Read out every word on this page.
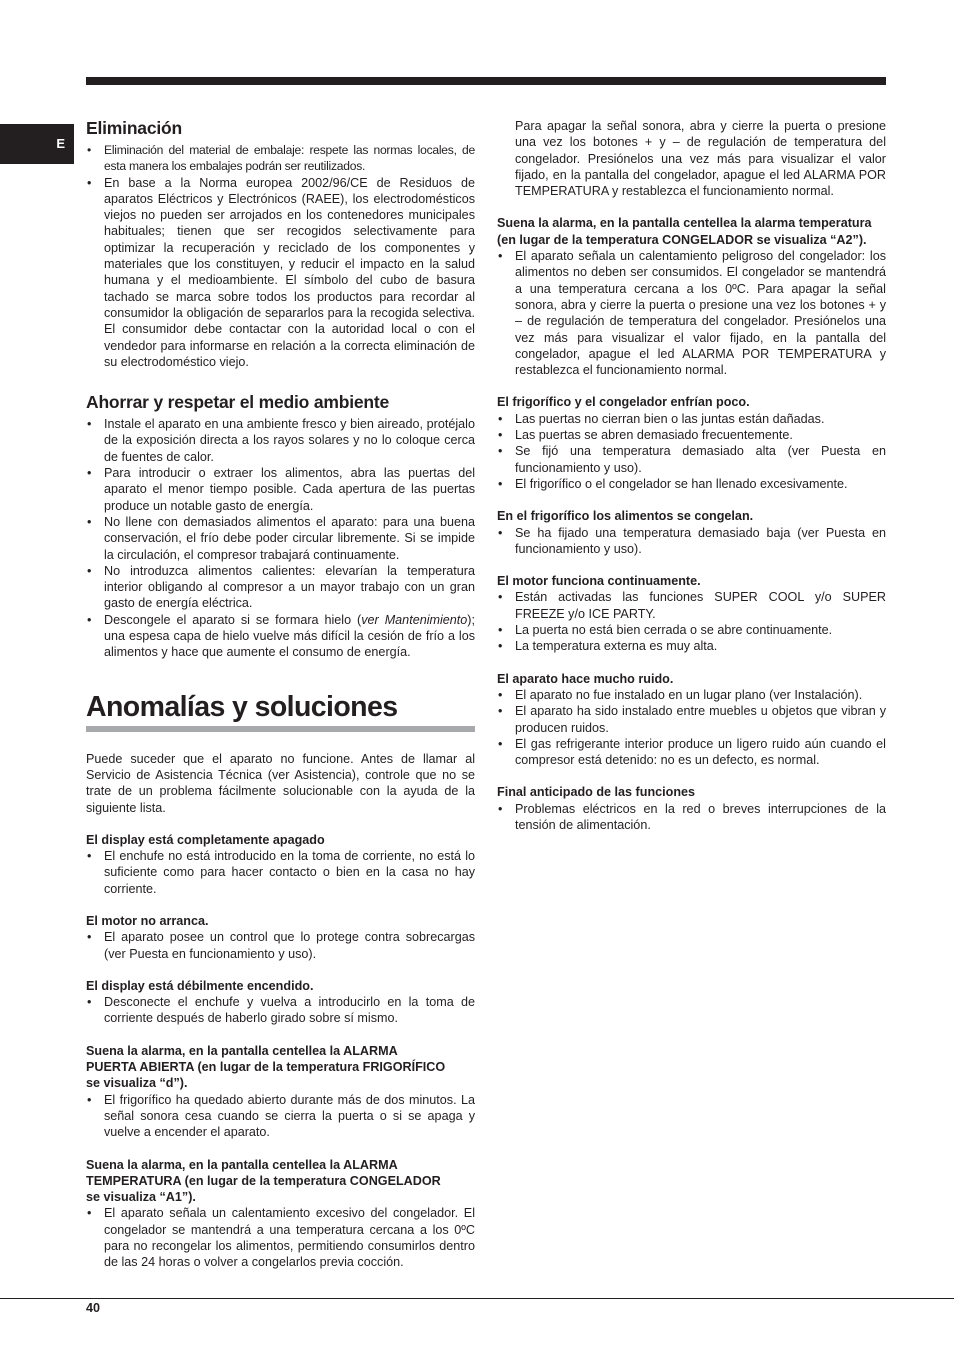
E
Eliminación
• Eliminación del material de embalaje: respete las normas locales, de esta manera los embalajes podrán ser reutilizados.
• En base a la Norma europea 2002/96/CE de Residuos de aparatos Eléctricos y Electrónicos (RAEE), los electrodomésticos viejos no pueden ser arrojados en los contenedores municipales habituales; tienen que ser recogidos selectivamente para optimizar la recuperación y reciclado de los componentes y materiales que los constituyen, y reducir el impacto en la salud humana y el medioambiente. El símbolo del cubo de basura tachado se marca sobre todos los productos para recordar al consumidor la obligación de separarlos para la recogida selectiva. El consumidor debe contactar con la autoridad local o con el vendedor para informarse en relación a la correcta eliminación de su electrodoméstico viejo.
Ahorrar y respetar el medio ambiente
• Instale el aparato en una ambiente fresco y bien aireado, protéjalo de la exposición directa a los rayos solares y no lo coloque cerca de fuentes de calor.
• Para introducir o extraer los alimentos, abra las puertas del aparato el menor tiempo posible. Cada apertura de las puertas produce un notable gasto de energía.
• No llene con demasiados alimentos el aparato: para una buena conservación, el frío debe poder circular libremente. Si se impide la circulación, el compresor trabajará continuamente.
• No introduzca alimentos calientes: elevarían la temperatura interior obligando al compresor a un mayor trabajo con un gran gasto de energía eléctrica.
• Descongele el aparato si se formara hielo (ver Mantenimiento); una espesa capa de hielo vuelve más difícil la cesión de frío a los alimentos y hace que aumente el consumo de energía.
Anomalías y soluciones

Puede suceder que el aparato no funcione. Antes de llamar al Servicio de Asistencia Técnica (ver Asistencia), controle que no se trate de un problema fácilmente solucionable con la ayuda de la siguiente lista.

El display está completamente apagado
• El enchufe no está introducido en la toma de corriente, no está lo suficiente como para hacer contacto o bien en la casa no hay corriente.
El motor no arranca.
• El aparato posee un control que lo protege contra sobrecargas (ver Puesta en funcionamiento y uso).
El display está débilmente encendido.
• Desconecte el enchufe y vuelva a introducirlo en la toma de corriente después de haberlo girado sobre sí mismo.
Suena la alarma, en la pantalla centellea la ALARMA PUERTA ABIERTA (en lugar de la temperatura FRIGORÍFICO se visualiza “d”).
• El frigorífico ha quedado abierto durante más de dos minutos. La señal sonora cesa cuando se cierra la puerta o si se apaga y vuelve a encender el aparato.
Suena la alarma, en la pantalla centellea la ALARMA TEMPERATURA (en lugar de la temperatura CONGELADOR se visualiza “A1”).
• El aparato señala un calentamiento excesivo del congelador. El congelador se mantendrá a una temperatura cercana a los 0ºC para no recongelar los alimentos, permitiendo consumirlos dentro de las 24 horas o volver a congelarlos previa cocción.

Para apagar la señal sonora, abra y cierre la puerta o presione una vez los botones + y – de regulación de temperatura del congelador. Presiónelos una vez más para visualizar el valor fijado, en la pantalla del congelador, apague el led ALARMA POR TEMPERATURA y restablezca el funcionamiento normal.

Suena la alarma, en la pantalla centellea la alarma temperatura (en lugar de la temperatura CONGELADOR se visualiza “A2”).
• El aparato señala un calentamiento peligroso del congelador: los alimentos no deben ser consumidos. El congelador se mantendrá a una temperatura cercana a los 0ºC. Para apagar la señal sonora, abra y cierre la puerta o presione una vez los botones + y – de regulación de temperatura del congelador. Presiónelos una vez más para visualizar el valor fijado, en la pantalla del congelador, apague el led ALARMA POR TEMPERATURA y restablezca el funcionamiento normal.
El frigorífico y el congelador enfrían poco.
• Las puertas no cierran bien o las juntas están dañadas.
• Las puertas se abren demasiado frecuentemente.
• Se fijó una temperatura demasiado alta (ver Puesta en funcionamiento y uso).
• El frigorífico o el congelador se han llenado excesivamente.
En el frigorífico los alimentos se congelan.
• Se ha fijado una temperatura demasiado baja (ver Puesta en funcionamiento y uso).
El motor funciona continuamente.
• Están activadas las funciones SUPER COOL y/o SUPER FREEZE y/o ICE PARTY.
• La puerta no está bien cerrada o se abre continuamente.
• La temperatura externa es muy alta.
El aparato hace mucho ruido.
• El aparato no fue instalado en un lugar plano (ver Instalación).
• El aparato ha sido instalado entre muebles u objetos que vibran y producen ruidos.
• El gas refrigerante interior produce un ligero ruido aún cuando el compresor está detenido: no es un defecto, es normal.
Final anticipado de las funciones
• Problemas eléctricos en la red o breves interrupciones de la tensión de alimentación.
40
